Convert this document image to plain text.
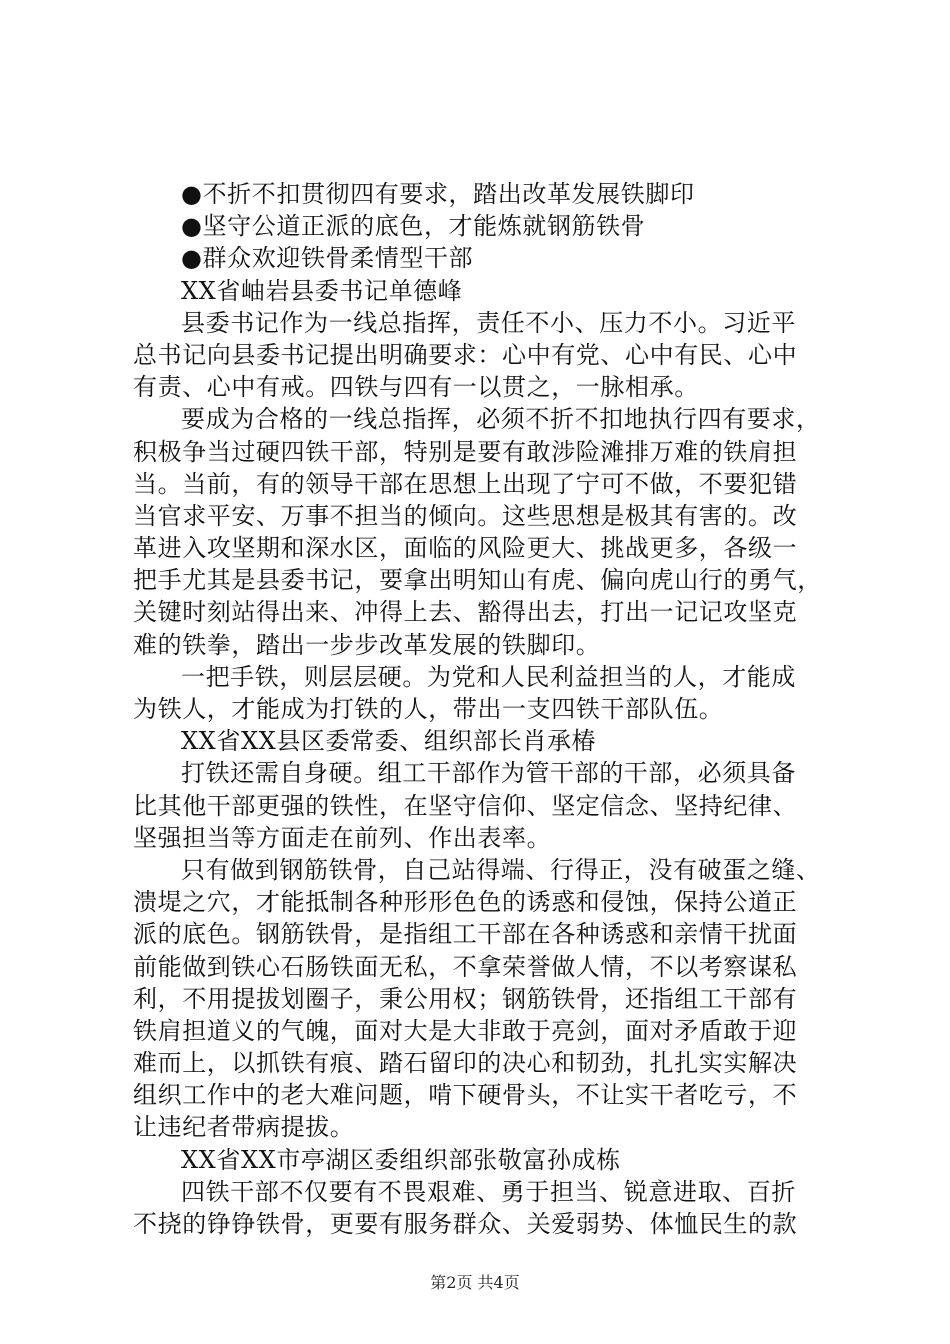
●不折不扣贯彻四有要求，踏出改革发展铁脚印
●坚守公道正派的底色，才能炼就钢筋铁骨
●群众欢迎铁骨柔情型干部
XX省岫岩县委书记单德峰
县委书记作为一线总指挥，责任不小、压力不小。习近平
总书记向县委书记提出明确要求：心中有党、心中有民、心中
有责、心中有戒。四铁与四有一以贯之，一脉相承。
要成为合格的一线总指挥，必须不折不扣地执行四有要求，
积极争当过硬四铁干部，特别是要有敢涉险滩排万难的铁肩担
当。当前，有的领导干部在思想上出现了宁可不做，不要犯错
当官求平安、万事不担当的倾向。这些思想是极其有害的。改
革进入攻坚期和深水区，面临的风险更大、挑战更多，各级一
把手尤其是县委书记，要拿出明知山有虎、偏向虎山行的勇气，
关键时刻站得出来、冲得上去、豁得出去，打出一记记攻坚克
难的铁拳，踏出一步步改革发展的铁脚印。
一把手铁，则层层硬。为党和人民利益担当的人，才能成
为铁人，才能成为打铁的人，带出一支四铁干部队伍。
XX省XX县区委常委、组织部长肖承椿
打铁还需自身硬。组工干部作为管干部的干部，必须具备
比其他干部更强的铁性，在坚守信仰、坚定信念、坚持纪律、
坚强担当等方面走在前列、作出表率。
只有做到钢筋铁骨，自己站得端、行得正，没有破蛋之缝、
溃堤之穴，才能抵制各种形形色色的诱惑和侵蚀，保持公道正
派的底色。钢筋铁骨，是指组工干部在各种诱惑和亲情干扰面
前能做到铁心石肠铁面无私，不拿荣誉做人情，不以考察谋私
利，不用提拔划圈子，秉公用权；钢筋铁骨，还指组工干部有
铁肩担道义的气魄，面对大是大非敢于亮剑，面对矛盾敢于迎
难而上，以抓铁有痕、踏石留印的决心和韧劲，扎扎实实解决
组织工作中的老大难问题，啃下硬骨头，不让实干者吃亏，不
让违纪者带病提拔。
XX省XX市亭湖区委组织部张敬富孙成栋
四铁干部不仅要有不畏艰难、勇于担当、锐意进取、百折
不挠的铮铮铁骨，更要有服务群众、关爱弱势、体恤民生的款
第2页 共4页
